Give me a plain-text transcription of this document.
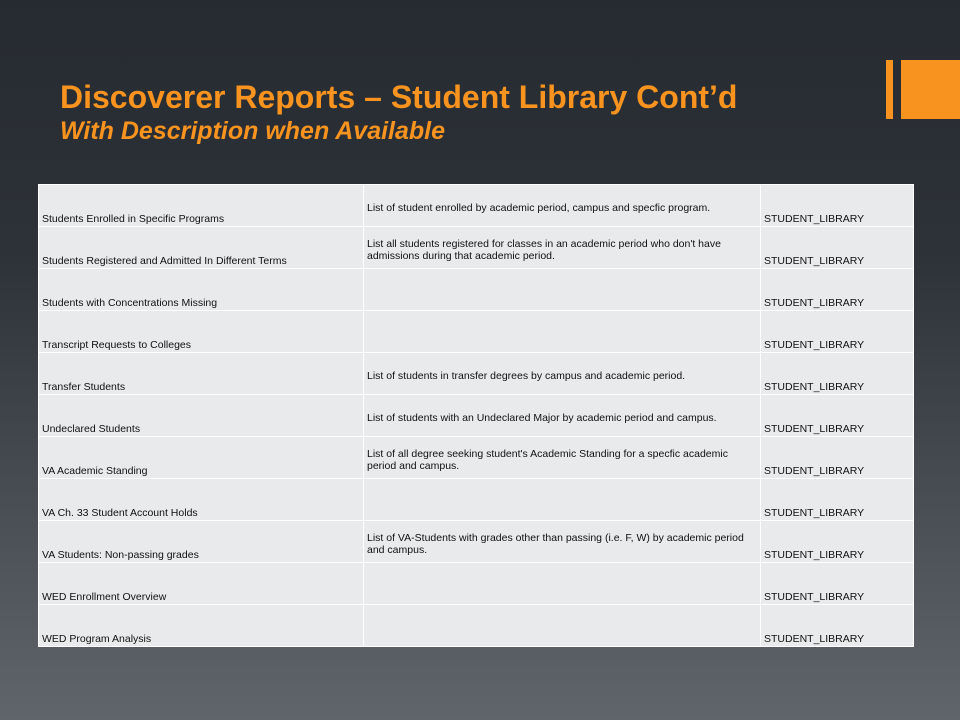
Discoverer Reports – Student Library Cont’d
With Description when Available
Students Enrolled in Specific Programs	List of student enrolled by academic period, campus and specfic program.	STUDENT_LIBRARY
Students Registered and Admitted In Different Terms	List all students registered for classes in an academic period who don't have admissions during that academic period.	STUDENT_LIBRARY
Students with Concentrations Missing		STUDENT_LIBRARY
Transcript Requests to Colleges		STUDENT_LIBRARY
Transfer Students	List of students in transfer degrees by campus and academic period.	STUDENT_LIBRARY
Undeclared Students	List of students with an Undeclared Major by academic period and campus.	STUDENT_LIBRARY
VA Academic Standing	List of all degree seeking student's Academic Standing for a specfic academic period and campus.	STUDENT_LIBRARY
VA Ch. 33 Student Account Holds		STUDENT_LIBRARY
VA Students: Non-passing grades	List of VA-Students with grades other than passing (i.e. F, W) by academic period and campus.	STUDENT_LIBRARY
WED Enrollment Overview		STUDENT_LIBRARY
WED Program Analysis		STUDENT_LIBRARY
